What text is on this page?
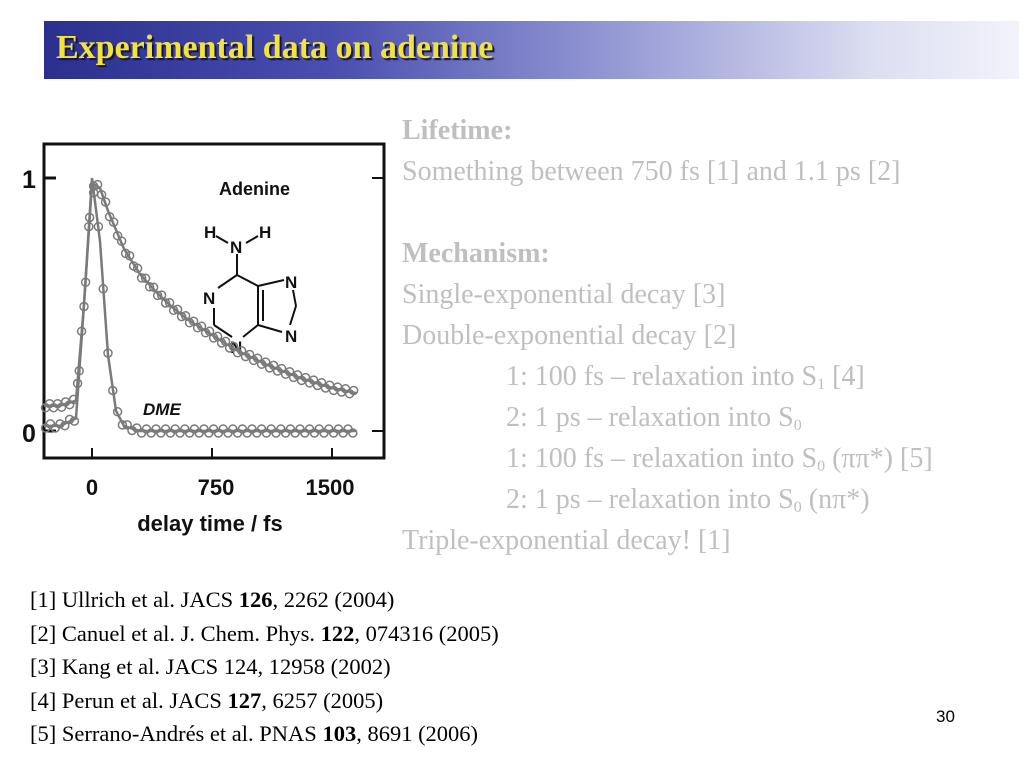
Experimental data on adenine
1
0
0	750	1500
delay time / fs
Adenine
DME
H
N
H
N
N
N
N
Lifetime:
Something between 750 fs [1] and 1.1 ps [2]
Mechanism:
Single-exponential decay [3]
Double-exponential decay [2]
1: 100 fs – relaxation into $S_1$ [4]
2: 1 ps – relaxation into $S_0$
1: 100 fs – relaxation into $S_0$ (ππ*) [5]
2: 1 ps – relaxation into $S_0$ (nπ*)
Triple-exponential decay! [1]
[1] Ullrich et al. JACS 126, 2262 (2004)
[2] Canuel et al. J. Chem. Phys. 122, 074316 (2005)
[3] Kang et al. JACS 124, 12958 (2002)
[4] Perun et al. JACS 127, 6257 (2005)
[5] Serrano-Andrés et al. PNAS 103, 8691 (2006)
30
